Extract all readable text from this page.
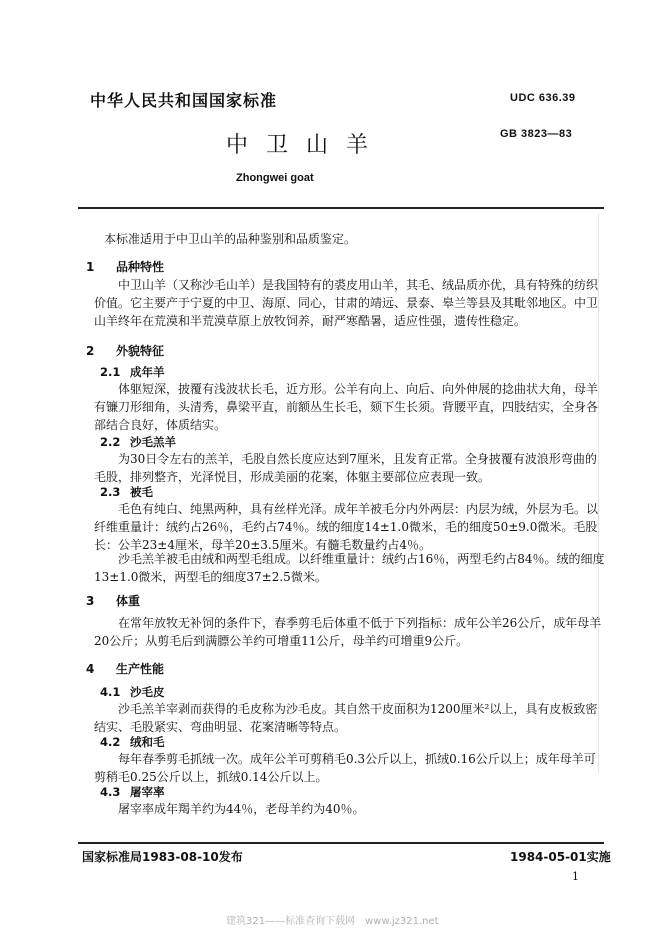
中华人民共和国国家标准	UDC 636.39
中卫山羊	GB 3823—83
Zhongwei goat
本标准适用于中卫山羊的品种鉴别和品质鉴定。
1 品种特性
中卫山羊（又称沙毛山羊）是我国特有的裘皮用山羊，其毛、绒品质亦优，具有特殊的纺织价值。它主要产于宁夏的中卫、海原、同心，甘肃的靖远、景泰、皋兰等县及其毗邻地区。中卫山羊终年在荒漠和半荒漠草原上放牧饲养，耐严寒酷暑，适应性强，遗传性稳定。
2 外貌特征
2.1 成年羊
体躯短深，披覆有浅波状长毛，近方形。公羊有向上、向后、向外伸展的捻曲状大角，母羊有镰刀形细角，头清秀，鼻梁平直，前额丛生长毛，颏下生长须。背腰平直，四肢结实，全身各部结合良好，体质结实。
2.2 沙毛羔羊
为30日令左右的羔羊，毛股自然长度应达到7厘米，且发育正常。全身披覆有波浪形弯曲的毛股，排列整齐，光泽悦目，形成美丽的花案，体躯主要部位应表现一致。
2.3 被毛
毛色有纯白、纯黑两种，具有丝样光泽。成年羊被毛分内外两层：内层为绒，外层为毛。以纤维重量计：绒约占26％，毛约占74％。绒的细度14±1.0微米，毛的细度50±9.0微米。毛股长：公羊23±4厘米，母羊20±3.5厘米。有髓毛数量约占4％。
沙毛羔羊被毛由绒和两型毛组成。以纤维重量计：绒约占16％，两型毛约占84％。绒的细度13±1.0微米，两型毛的细度37±2.5微米。
3 体重
在常年放牧无补饲的条件下，春季剪毛后体重不低于下列指标：成年公羊26公斤，成年母羊20公斤；从剪毛后到满膘公羊约可增重11公斤，母羊约可增重9公斤。
4 生产性能
4.1 沙毛皮
沙毛羔羊宰剥而获得的毛皮称为沙毛皮。其自然干皮面积为1200厘米²以上，具有皮板致密结实、毛股紧实、弯曲明显、花案清晰等特点。
4.2 绒和毛
每年春季剪毛抓绒一次。成年公羊可剪稍毛0.3公斤以上，抓绒0.16公斤以上；成年母羊可剪稍毛0.25公斤以上，抓绒0.14公斤以上。
4.3 屠宰率
屠宰率成年羯羊约为44％，老母羊约为40％。
国家标准局1983-08-10发布	1984-05-01实施
1
建筑321——标准查询下载网　www.jz321.net
